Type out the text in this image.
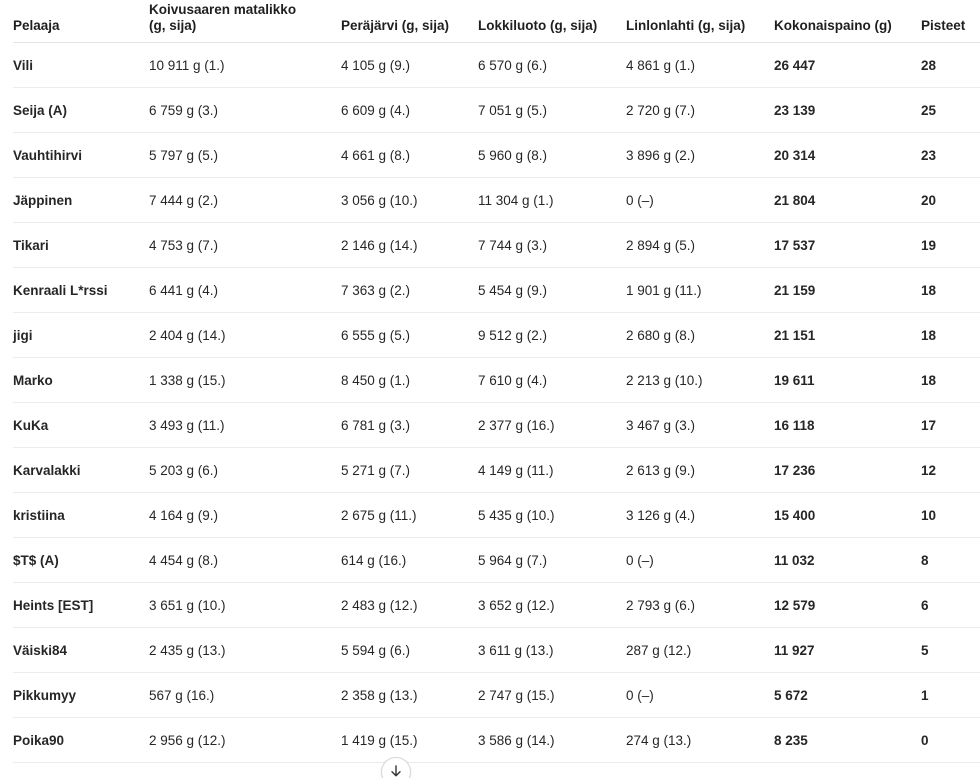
Pelaaja	Koivusaaren matalikko (g, sija)	Peräjärvi (g, sija)	Lokkiluoto (g, sija)	Linlonlahti (g, sija)	Kokonaispaino (g)	Pisteet
Vili	10 911 g (1.)	4 105 g (9.)	6 570 g (6.)	4 861 g (1.)	26 447	28
Seija (A)	6 759 g (3.)	6 609 g (4.)	7 051 g (5.)	2 720 g (7.)	23 139	25
Vauhtihirvi	5 797 g (5.)	4 661 g (8.)	5 960 g (8.)	3 896 g (2.)	20 314	23
Jäppinen	7 444 g (2.)	3 056 g (10.)	11 304 g (1.)	0 (–)	21 804	20
Tikari	4 753 g (7.)	2 146 g (14.)	7 744 g (3.)	2 894 g (5.)	17 537	19
Kenraali L*rssi	6 441 g (4.)	7 363 g (2.)	5 454 g (9.)	1 901 g (11.)	21 159	18
jigi	2 404 g (14.)	6 555 g (5.)	9 512 g (2.)	2 680 g (8.)	21 151	18
Marko	1 338 g (15.)	8 450 g (1.)	7 610 g (4.)	2 213 g (10.)	19 611	18
KuKa	3 493 g (11.)	6 781 g (3.)	2 377 g (16.)	3 467 g (3.)	16 118	17
Karvalakki	5 203 g (6.)	5 271 g (7.)	4 149 g (11.)	2 613 g (9.)	17 236	12
kristiina	4 164 g (9.)	2 675 g (11.)	5 435 g (10.)	3 126 g (4.)	15 400	10
$T$ (A)	4 454 g (8.)	614 g (16.)	5 964 g (7.)	0 (–)	11 032	8
Heints [EST]	3 651 g (10.)	2 483 g (12.)	3 652 g (12.)	2 793 g (6.)	12 579	6
Väiski84	2 435 g (13.)	5 594 g (6.)	3 611 g (13.)	287 g (12.)	11 927	5
Pikkumyy	567 g (16.)	2 358 g (13.)	2 747 g (15.)	0 (–)	5 672	1
Poika90	2 956 g (12.)	1 419 g (15.)	3 586 g (14.)	274 g (13.)	8 235	0
